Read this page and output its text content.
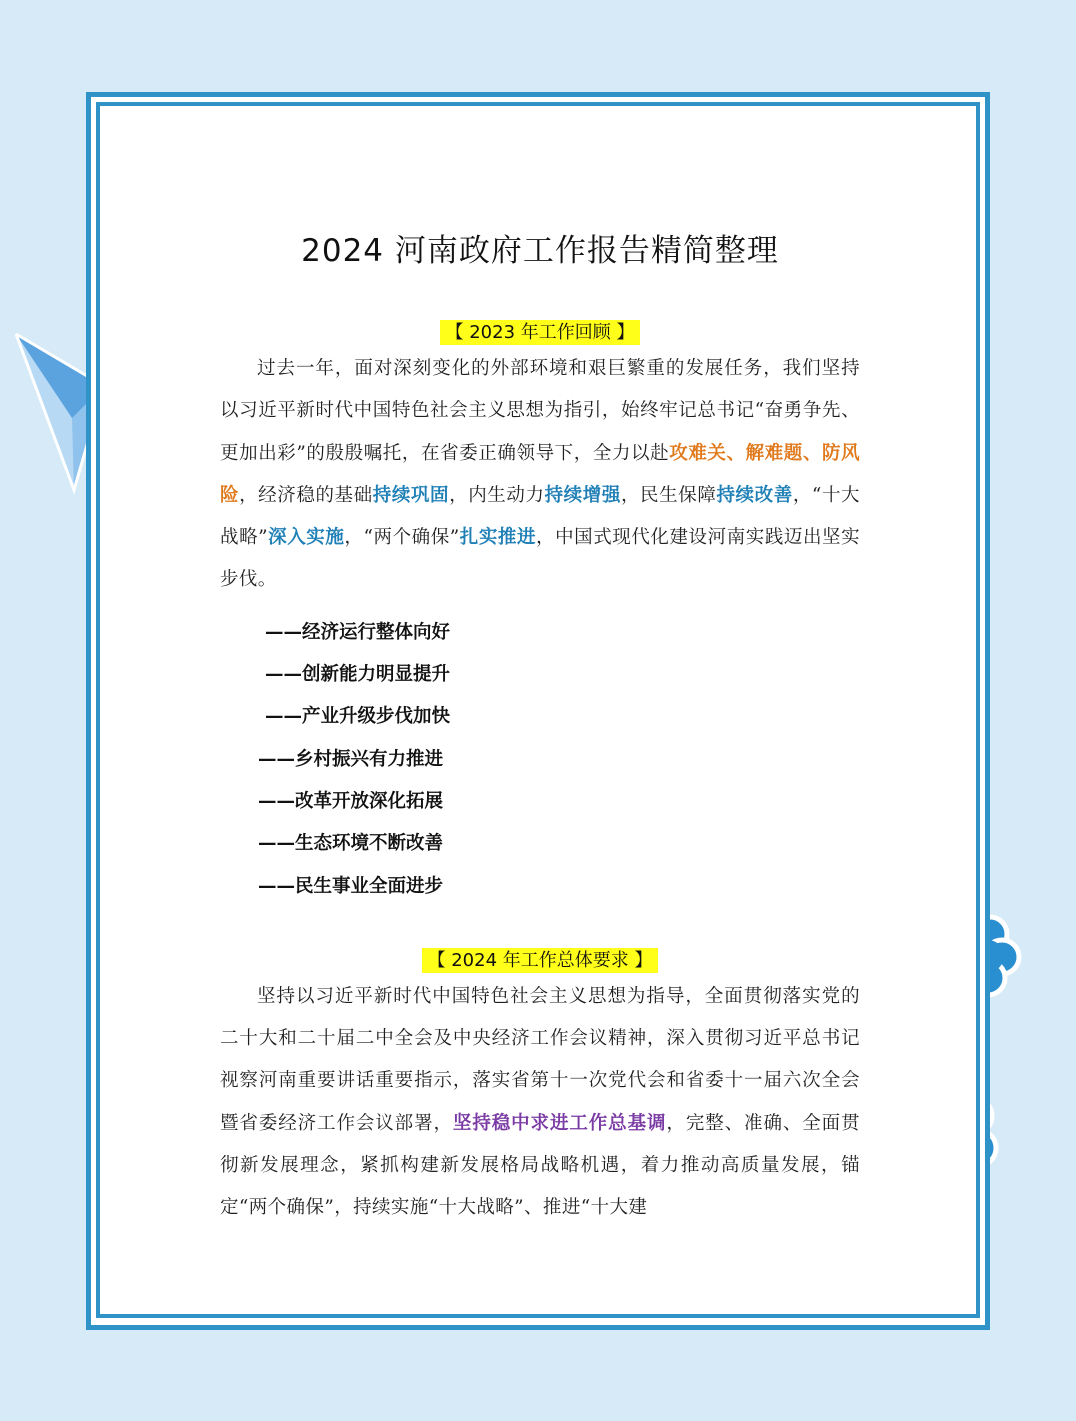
2024 河南政府工作报告精简整理
【 2023 年工作回顾 】

过去一年，面对深刻变化的外部环境和艰巨繁重的发展任务，我们坚持以习近平新时代中国特色社会主义思想为指引，始终牢记总书记“奋勇争先、更加出彩”的殷殷嘱托，在省委正确领导下，全力以赴攻难关、解难题、防风险，经济稳的基础持续巩固，内生动力持续增强，民生保障持续改善，“十大战略”深入实施，“两个确保”扎实推进，中国式现代化建设河南实践迈出坚实步伐。

——经济运行整体向好
——创新能力明显提升
——产业升级步伐加快
——乡村振兴有力推进
——改革开放深化拓展
——生态环境不断改善
——民生事业全面进步
【 2024 年工作总体要求 】

坚持以习近平新时代中国特色社会主义思想为指导，全面贯彻落实党的二十大和二十届二中全会及中央经济工作会议精神，深入贯彻习近平总书记视察河南重要讲话重要指示，落实省第十一次党代会和省委十一届六次全会暨省委经济工作会议部署，坚持稳中求进工作总基调，完整、准确、全面贯彻新发展理念，紧抓构建新发展格局战略机遇，着力推动高质量发展，锚定“两个确保”，持续实施“十大战略”、推进“十大建
